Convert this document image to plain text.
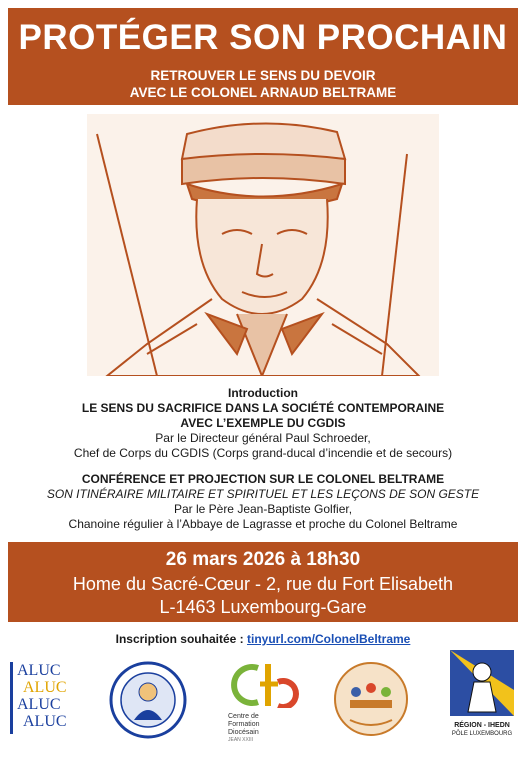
PROTÉGER SON PROCHAIN
RETROUVER LE SENS DU DEVOIR
AVEC LE COLONEL ARNAUD BELTRAME
Introduction
LE SENS DU SACRIFICE DANS LA SOCIÉTÉ CONTEMPORAINE
AVEC L’EXEMPLE DU CGDIS
Par le Directeur général Paul Schroeder,
Chef de Corps du CGDIS (Corps grand-ducal d’incendie et de secours)
CONFÉRENCE ET PROJECTION SUR LE COLONEL BELTRAME
SON ITINÉRAIRE MILITAIRE ET SPIRITUEL ET LES LEÇONS DE SON GESTE
Par le Père Jean-Baptiste Golfier,
Chanoine régulier à l’Abbaye de Lagrasse et proche du Colonel Beltrame
26 mars 2026 à 18h30
Home du Sacré-Cœur - 2, rue du Fort Elisabeth
L-1463 Luxembourg-Gare
Inscription souhaitée : tinyurl.com/ColonelBeltrame
ALUC
ALUC
ALUC
ALUC	Centre de
Formation
Diocésain
JEAN XXIII
RÉGION - IHEDN
PÔLE LUXEMBOURG
